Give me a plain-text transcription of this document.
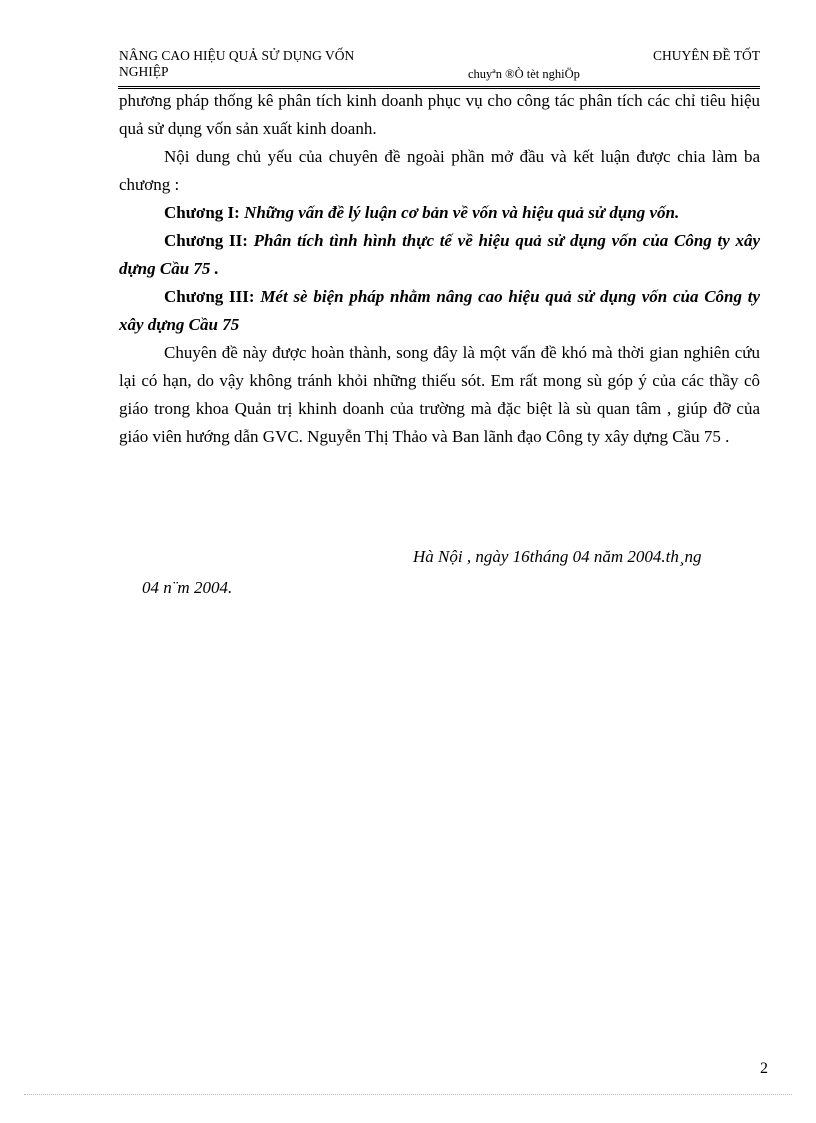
NÂNG CAO HIỆU QUẢ SỬ DỤNG VỐN
NGHIỆP
CHUYÊN ĐỀ TỐT
chuyªn ®Ò tèt nghiÖp

phương pháp thống kê phân tích kinh doanh phục vụ cho công tác phân tích các chỉ tiêu hiệu quả sử dụng vốn sản xuất kinh doanh.

Nội dung chủ yếu của chuyên đề ngoài phần mở đầu và kết luận được chia làm ba chương :

Chương I: Những vấn đề lý luận cơ bản về vốn và hiệu quả sử dụng vốn.

Chương II: Phân tích tình hình thực tế về hiệu quả sử dụng vốn của Công ty xây dựng Cầu 75 .

Chương III: Mét sè biện pháp nhằm nâng cao hiệu quả sử dụng vốn của Công ty xây dựng Cầu 75

Chuyên đề này được hoàn thành, song đây là một vấn đề khó mà thời gian nghiên cứu lại có hạn, do vậy không tránh khỏi những thiếu sót. Em rất mong sù góp ý của các thầy cô giáo trong khoa Quản trị khinh doanh của trường mà đặc biệt là sù quan tâm , giúp đỡ của giáo viên hướng dẫn GVC. Nguyễn Thị Thảo và Ban lãnh đạo Công ty xây dựng Cầu 75 .

Hà Nội , ngày 16tháng 04 năm 2004.th¸ng
04 n¨m 2004.
2
